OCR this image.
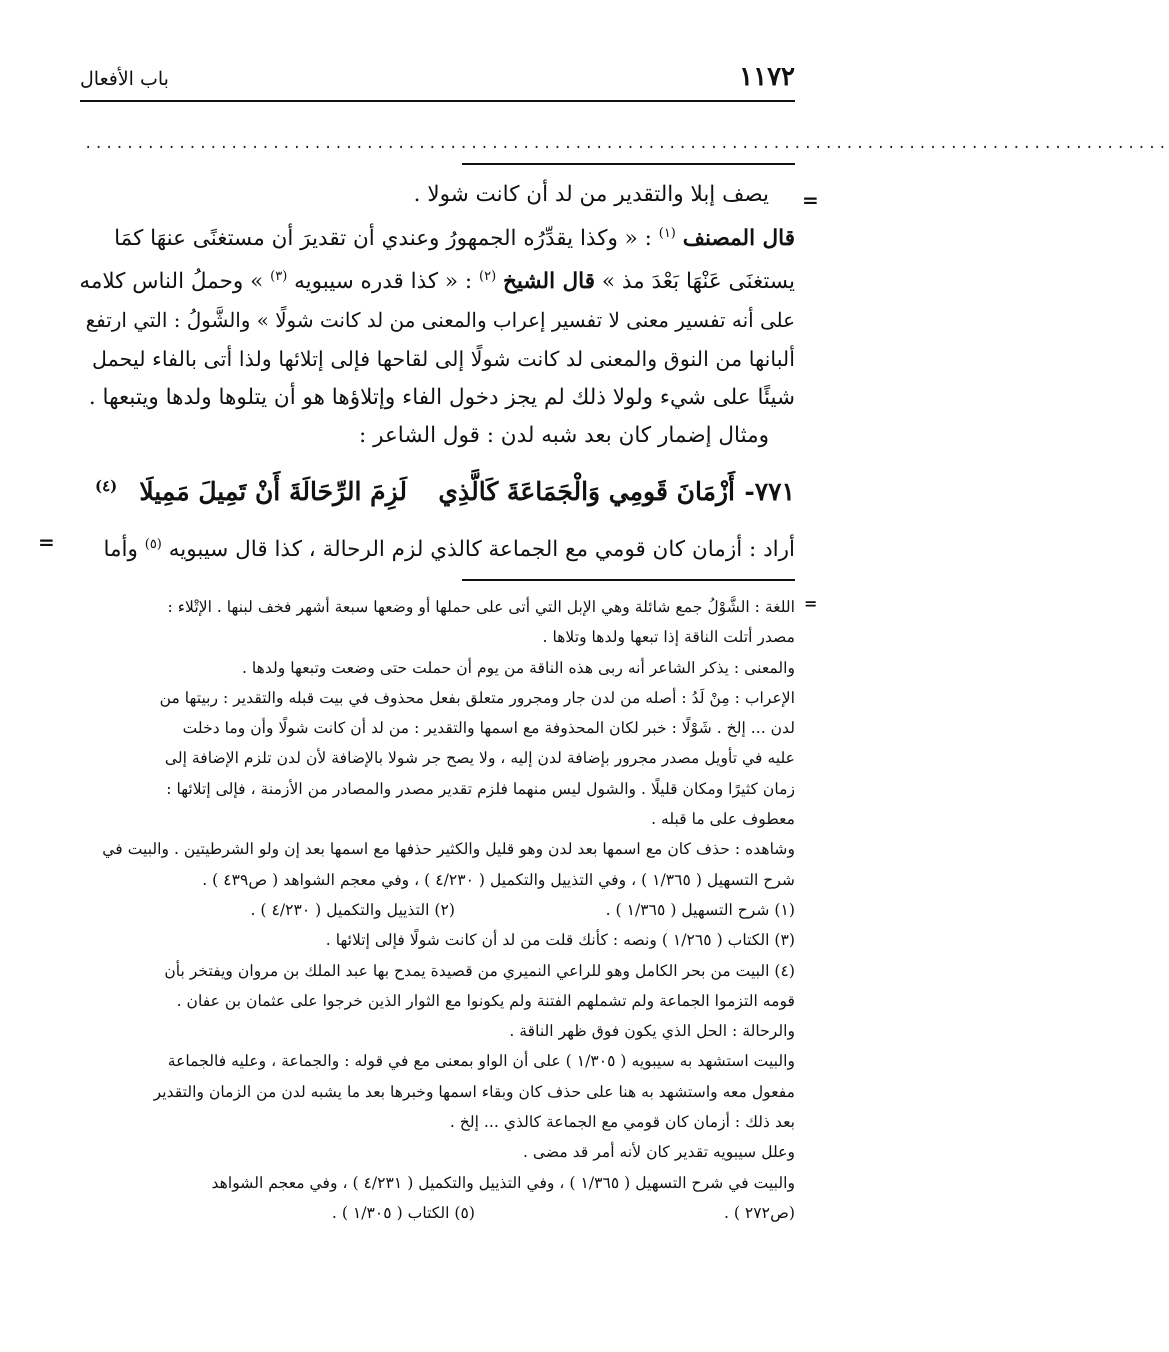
١١٧٢
باب الأفعال
........................................................................................................
=
يصف إبلا والتقدير من لد أن كانت شولا .
قال المصنف $^{(١)}$ : « وكذا يقدِّرُه الجمهورُ وعندي أن تقديرَ أن مستغنًى عنهَا كمَا
يستغنَى عَنْهَا بَعْدَ مذ » قال الشيخ $^{(٢)}$ : « كذا قدره سيبويه $^{(٣)}$ » وحملُ الناس كلامه
على أنه تفسير معنى لا تفسير إعراب والمعنى من لد كانت شولًا » والشَّولُ : التي ارتفع
ألبانها من النوق والمعنى لد كانت شولًا إلى لقاحها فإلى إتلائها ولذا أتى بالفاء ليحمل
شيئًا على شيء ولولا ذلك لم يجز دخول الفاء وإتلاؤها هو أن يتلوها ولدها ويتبعها .
ومثال إضمار كان بعد شبه لدن : قول الشاعر :
٧٧١-
أَزْمَانَ قَومِي وَالْجَمَاعَةَ كَالَّذِي
لَزِمَ الرِّحَالَةَ أَنْ تَمِيلَ مَمِيلَا
(٤)
أراد : أزمان كان قومي مع الجماعة كالذي لزم الرحالة ، كذا قال سيبويه $^{(٥)}$ وأما
=
=
اللغة : الشَّوْلُ جمع شائلة وهي الإبل التي أتى على حملها أو وضعها سبعة أشهر فخف لبنها . الإتْلاء :
مصدر أتلت الناقة إذا تبعها ولدها وتلاها .
والمعنى : يذكر الشاعر أنه ربى هذه الناقة من يوم أن حملت حتى وضعت وتبعها ولدها .
الإعراب : مِنْ لَدُ : أصله من لدن جار ومجرور متعلق بفعل محذوف في بيت قبله والتقدير : ربيتها من
لدن ... إلخ . شَوْلًا : خبر لكان المحذوفة مع اسمها والتقدير : من لد أن كانت شولًا وأن وما دخلت
عليه في تأويل مصدر مجرور بإضافة لدن إليه ، ولا يصح جر شولا بالإضافة لأن لدن تلزم الإضافة إلى
زمان كثيرًا ومكان قليلًا . والشول ليس منهما فلزم تقدير مصدر والمصادر من الأزمنة ، فإلى إتلائها :
معطوف على ما قبله .
وشاهده : حذف كان مع اسمها بعد لدن وهو قليل والكثير حذفها مع اسمها بعد إن ولو الشرطيتين . والبيت في
شرح التسهيل ( ١/٣٦٥ ) ، وفي التذييل والتكميل ( ٤/٢٣٠ ) ، وفي معجم الشواهد ( ص٤٣٩ ) .
(١) شرح التسهيل ( ١/٣٦٥ ) .
(٢) التذييل والتكميل ( ٤/٢٣٠ ) .
(٣) الكتاب ( ١/٢٦٥ ) ونصه : كأنك قلت من لد أن كانت شولًا فإلى إتلائها .
(٤) البيت من بحر الكامل وهو للراعي النميري من قصيدة يمدح بها عبد الملك بن مروان ويفتخر بأن
قومه التزموا الجماعة ولم تشملهم الفتنة ولم يكونوا مع الثوار الذين خرجوا على عثمان بن عفان .
والرحالة : الحل الذي يكون فوق ظهر الناقة .
والبيت استشهد به سيبويه ( ١/٣٠٥ ) على أن الواو بمعنى مع في قوله : والجماعة ، وعليه فالجماعة
مفعول معه واستشهد به هنا على حذف كان وبقاء اسمها وخبرها بعد ما يشبه لدن من الزمان والتقدير
بعد ذلك : أزمان كان قومي مع الجماعة كالذي ... إلخ .
وعلل سيبويه تقدير كان لأنه أمر قد مضى .
والبيت في شرح التسهيل ( ١/٣٦٥ ) ، وفي التذييل والتكميل ( ٤/٢٣١ ) ، وفي معجم الشواهد
(ص٢٧٢ ) .
(٥) الكتاب ( ١/٣٠٥ ) .
